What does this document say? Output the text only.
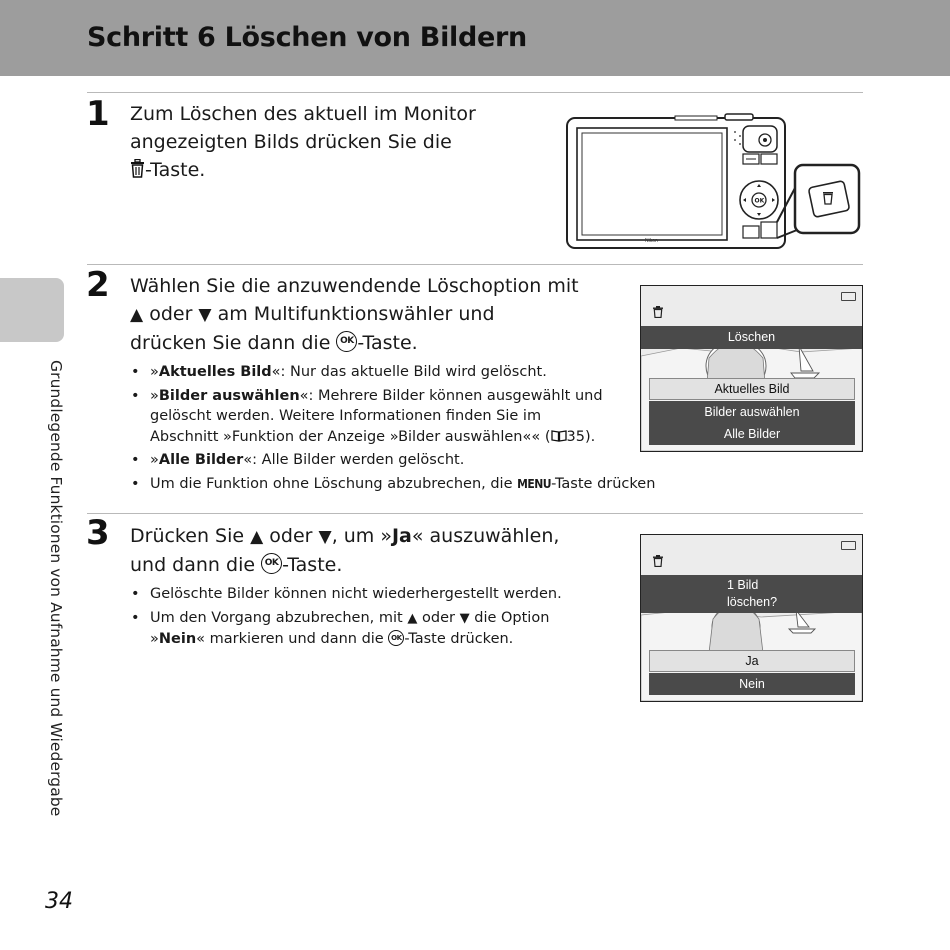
Schritt 6 Löschen von Bildern
Grundlegende Funktionen von Aufnahme und Wiedergabe
1 Zum Löschen des aktuell im Monitor
angezeigten Bilds drücken Sie die
-Taste.
Nikon
OK
2 Wählen Sie die anzuwendende Löschoption mit
▲ oder ▼ am Multifunktionswähler und
drücken Sie dann die OK -Taste.
• »Aktuelles Bild«: Nur das aktuelle Bild wird gelöscht.
• »Bilder auswählen«: Mehrere Bilder können ausgewählt und gelöscht werden. Weitere Informationen finden Sie im Abschnitt »Funktion der Anzeige »Bilder auswählen«« ( 35).
• »Alle Bilder«: Alle Bilder werden gelöscht.
• Um die Funktion ohne Löschung abzubrechen, die MENU-Taste drücken
Löschen
Aktuelles Bild
Bilder auswählen
Alle Bilder
3 Drücken Sie ▲ oder ▼, um »Ja« auszuwählen,
und dann die OK -Taste.
• Gelöschte Bilder können nicht wiederhergestellt werden.
• Um den Vorgang abzubrechen, mit ▲ oder ▼ die Option »Nein« markieren und dann die OK -Taste drücken.
1 Bild
löschen?
Ja
Nein
34
